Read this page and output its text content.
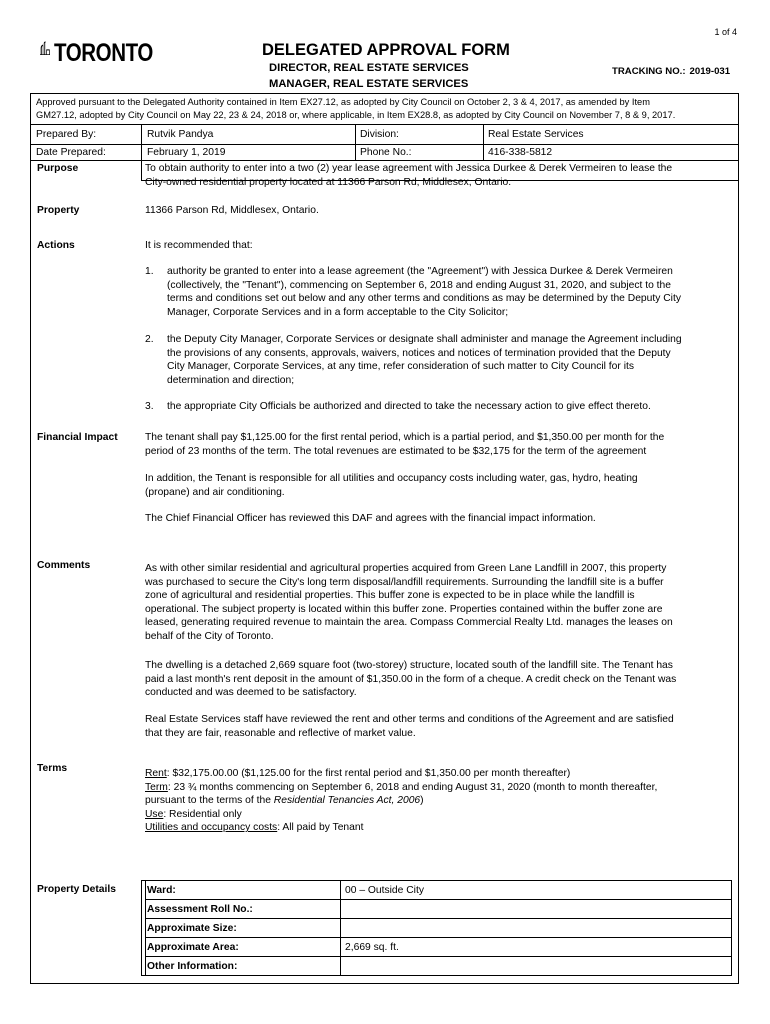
1 of 4
TORONTO	DELEGATED APPROVAL FORM
DIRECTOR, REAL ESTATE SERVICES
MANAGER, REAL ESTATE SERVICES
TRACKING NO.: 2019-031
Approved pursuant to the Delegated Authority contained in Item EX27.12, as adopted by City Council on October 2, 3 & 4, 2017, as amended by Item
GM27.12, adopted by City Council on May 22, 23 & 24, 2018 or, where applicable, in Item EX28.8, as adopted by City Council on November 7, 8 & 9, 2017.
Prepared By:	Rutvik Pandya	Division:	Real Estate Services
Date Prepared:	February 1, 2019	Phone No.:	416-338-5812
Purpose	To obtain authority to enter into a two (2) year lease agreement with Jessica Durkee & Derek Vermeiren to lease the
City-owned residential property located at 11366 Parson Rd, Middlesex, Ontario.
Property	11366 Parson Rd, Middlesex, Ontario.
Actions	It is recommended that:
1. authority be granted to enter into a lease agreement (the "Agreement") with Jessica Durkee & Derek Vermeiren
(collectively, the "Tenant"), commencing on September 6, 2018 and ending August 31, 2020, and subject to the
terms and conditions set out below and any other terms and conditions as may be determined by the Deputy City
Manager, Corporate Services and in a form acceptable to the City Solicitor;
2. the Deputy City Manager, Corporate Services or designate shall administer and manage the Agreement including
the provisions of any consents, approvals, waivers, notices and notices of termination provided that the Deputy
City Manager, Corporate Services, at any time, refer consideration of such matter to City Council for its
determination and direction;
3. the appropriate City Officials be authorized and directed to take the necessary action to give effect thereto.
Financial Impact	The tenant shall pay $1,125.00 for the first rental period, which is a partial period, and $1,350.00 per month for the
period of 23 months of the term. The total revenues are estimated to be $32,175 for the term of the agreement
In addition, the Tenant is responsible for all utilities and occupancy costs including water, gas, hydro, heating
(propane) and air conditioning.
The Chief Financial Officer has reviewed this DAF and agrees with the financial impact information.
Comments	As with other similar residential and agricultural properties acquired from Green Lane Landfill in 2007, this property
was purchased to secure the City's long term disposal/landfill requirements. Surrounding the landfill site is a buffer
zone of agricultural and residential properties. This buffer zone is expected to be in place while the landfill is
operational. The subject property is located within this buffer zone. Properties contained within the buffer zone are
leased, generating required revenue to maintain the area. Compass Commercial Realty Ltd. manages the leases on
behalf of the City of Toronto.
The dwelling is a detached 2,669 square foot (two-storey) structure, located south of the landfill site. The Tenant has
paid a last month's rent deposit in the amount of $1,350.00 in the form of a cheque. A credit check on the Tenant was
conducted and was deemed to be satisfactory.
Real Estate Services staff have reviewed the rent and other terms and conditions of the Agreement and are satisfied
that they are fair, reasonable and reflective of market value.
Terms	Rent: $32,175.00.00 ($1,125.00 for the first rental period and $1,350.00 per month thereafter)
Term: 23 ¾ months commencing on September 6, 2018 and ending August 31, 2020 (month to month thereafter,
pursuant to the terms of the Residential Tenancies Act, 2006)
Use: Residential only
Utilities and occupancy costs: All paid by Tenant
Property Details	Ward:	00 – Outside City
Assessment Roll No.:
Approximate Size:
Approximate Area:	2,669 sq. ft.
Other Information:
